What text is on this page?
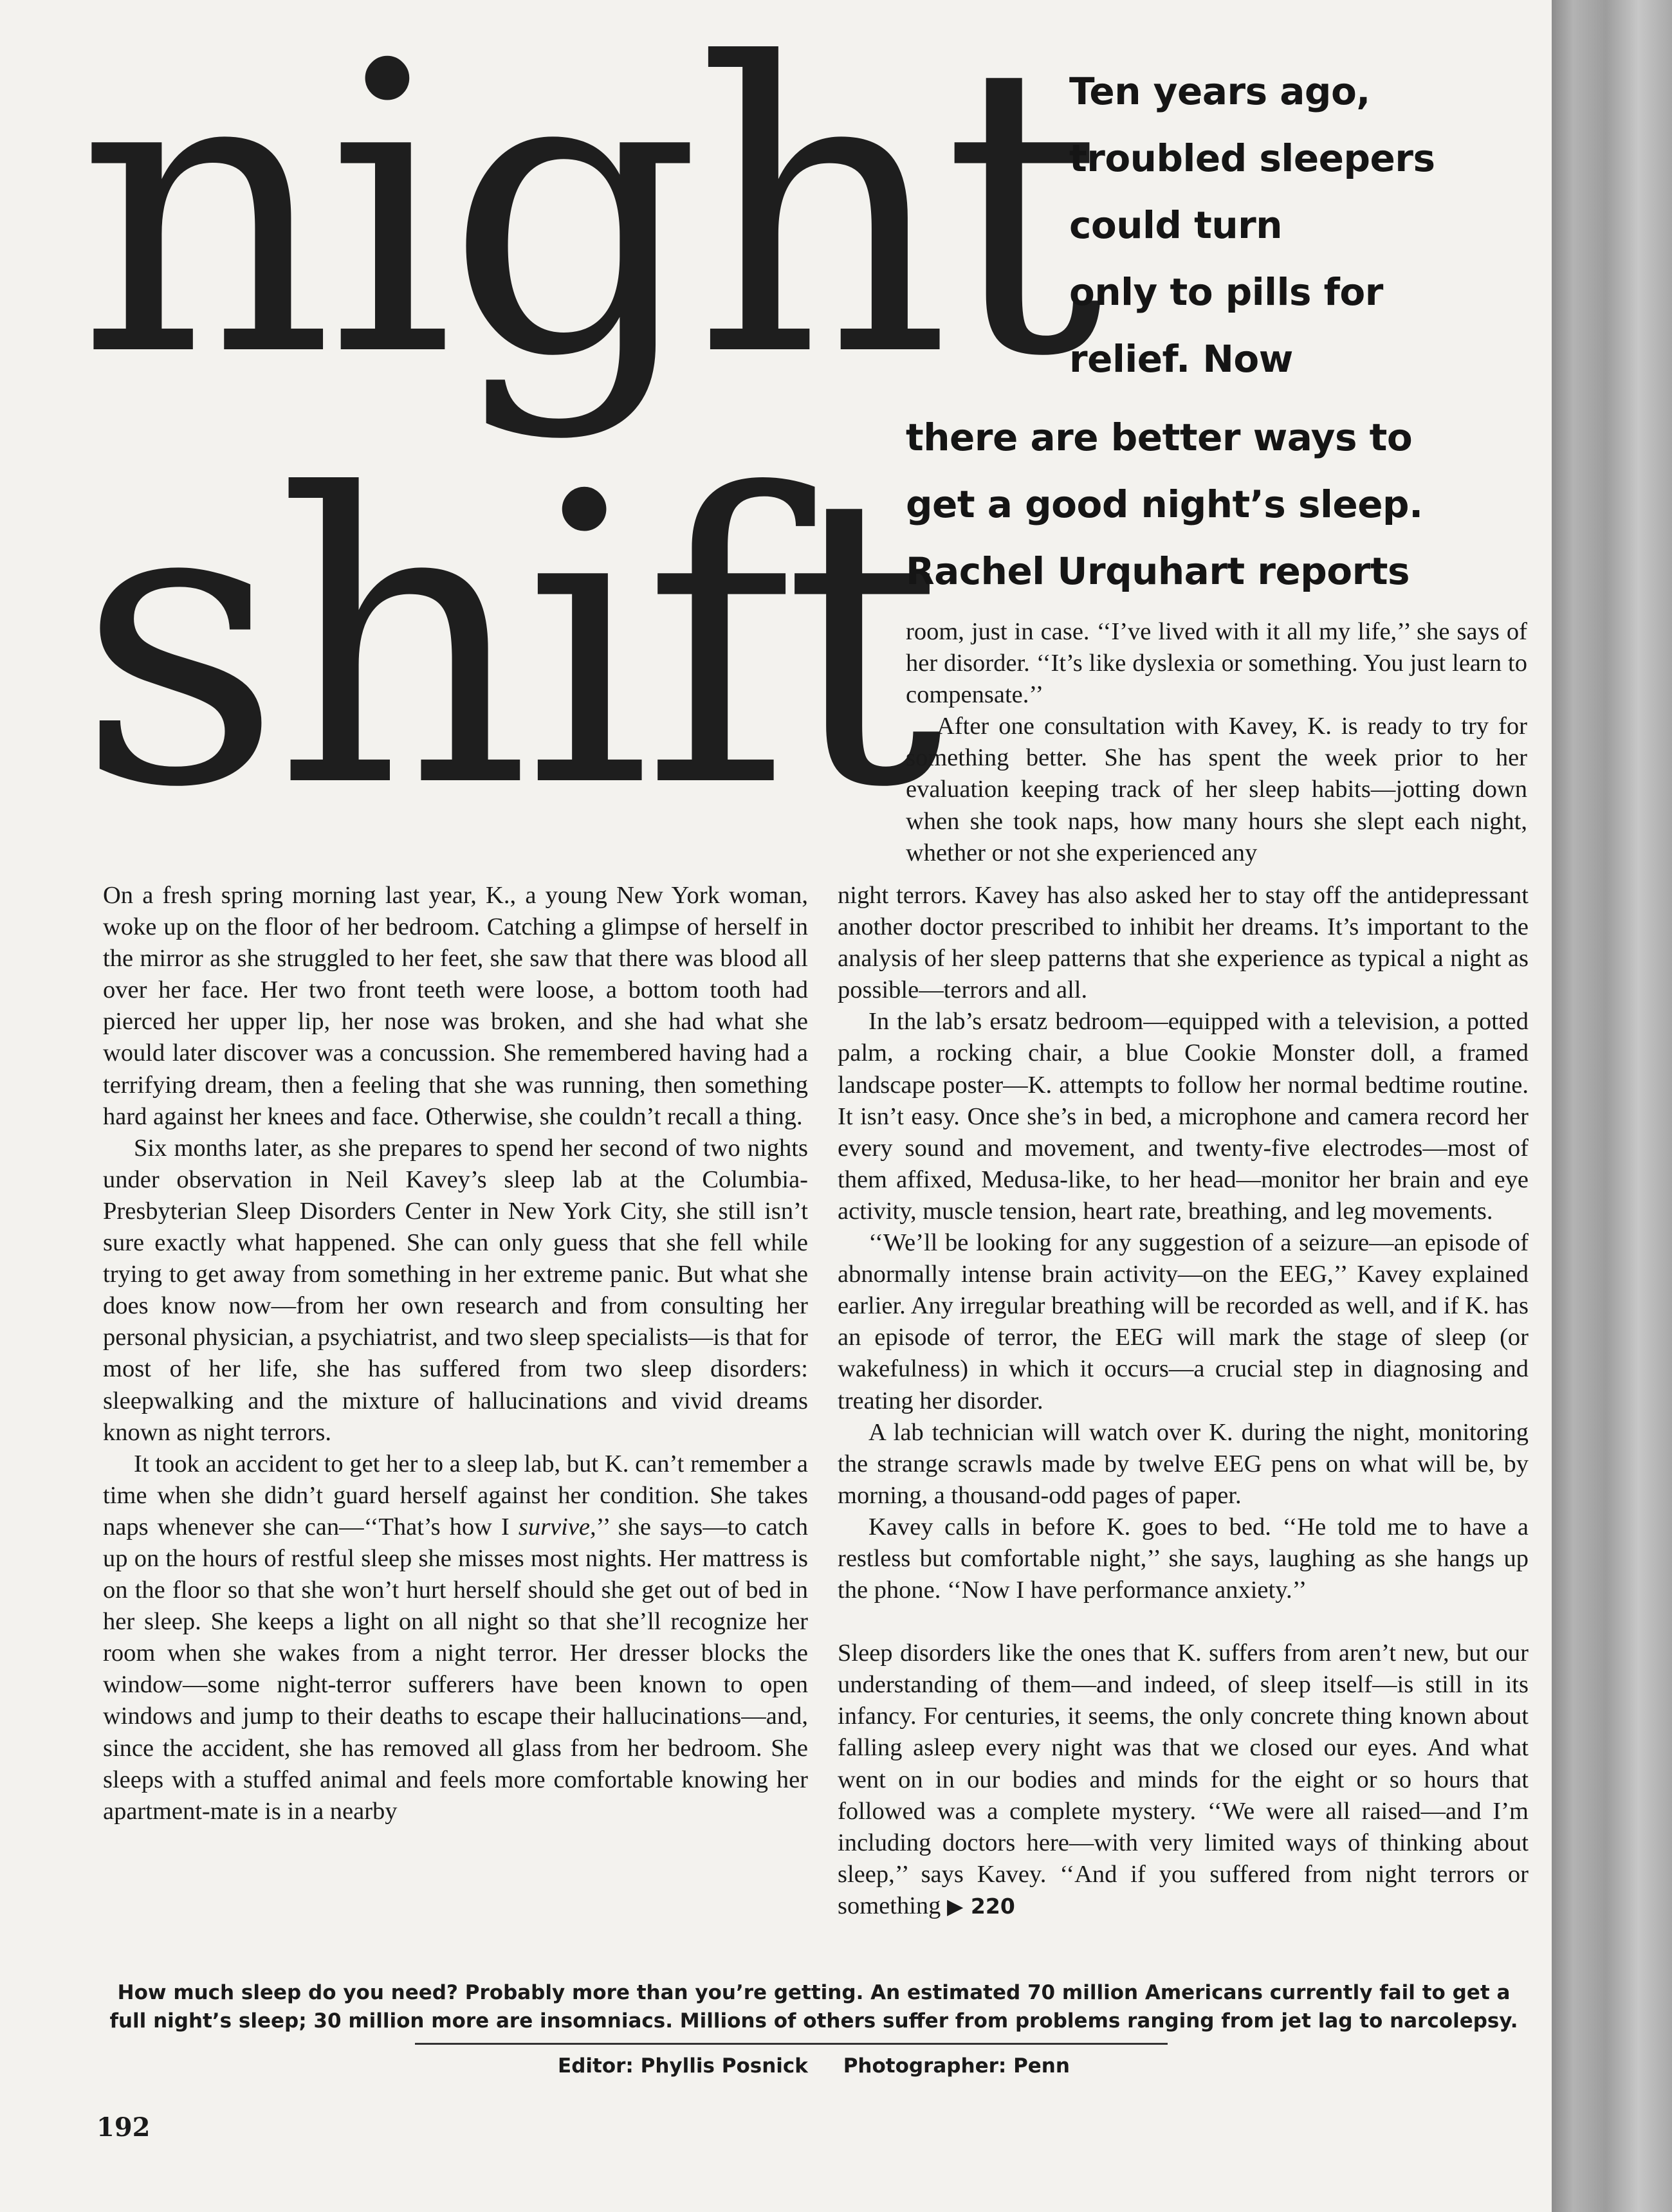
night
shift
Ten years ago,
troubled sleepers
could turn
only to pills for
relief. Now
there are better ways to
get a good night’s sleep.
Rachel Urquhart reports

room, just in case. ‘‘I’ve lived with it all my life,’’ she says of her disorder. ‘‘It’s like dyslexia or something. You just learn to compensate.’’

After one consultation with Kavey, K. is ready to try for something better. She has spent the week prior to her evaluation keeping track of her sleep habits—jotting down when she took naps, how many hours she slept each night, whether or not she experienced any

On a fresh spring morning last year, K., a young New York woman, woke up on the floor of her bedroom. Catching a glimpse of herself in the mirror as she struggled to her feet, she saw that there was blood all over her face. Her two front teeth were loose, a bottom tooth had pierced her upper lip, her nose was broken, and she had what she would later discover was a concussion. She remembered having had a terrifying dream, then a feeling that she was running, then something hard against her knees and face. Otherwise, she couldn’t recall a thing.

Six months later, as she prepares to spend her second of two nights under observation in Neil Kavey’s sleep lab at the Columbia-Presbyterian Sleep Disorders Center in New York City, she still isn’t sure exactly what happened. She can only guess that she fell while trying to get away from something in her extreme panic. But what she does know now—from her own research and from consulting her personal physician, a psychiatrist, and two sleep specialists—is that for most of her life, she has suffered from two sleep disorders: sleepwalking and the mixture of hallucinations and vivid dreams known as night terrors.

It took an accident to get her to a sleep lab, but K. can’t remember a time when she didn’t guard herself against her condition. She takes naps whenever she can—‘‘That’s how I survive,’’ she says—to catch up on the hours of restful sleep she misses most nights. Her mattress is on the floor so that she won’t hurt herself should she get out of bed in her sleep. She keeps a light on all night so that she’ll recognize her room when she wakes from a night terror. Her dresser blocks the window—some night-terror sufferers have been known to open windows and jump to their deaths to escape their hallucinations—and, since the accident, she has removed all glass from her bedroom. She sleeps with a stuffed animal and feels more comfortable knowing her apartment-mate is in a nearby

night terrors. Kavey has also asked her to stay off the antidepressant another doctor prescribed to inhibit her dreams. It’s important to the analysis of her sleep patterns that she experience as typical a night as possible—terrors and all.

In the lab’s ersatz bedroom—equipped with a television, a potted palm, a rocking chair, a blue Cookie Monster doll, a framed landscape poster—K. attempts to follow her normal bedtime routine. It isn’t easy. Once she’s in bed, a microphone and camera record her every sound and movement, and twenty-five electrodes—most of them affixed, Medusa-like, to her head—monitor her brain and eye activity, muscle tension, heart rate, breathing, and leg movements.

‘‘We’ll be looking for any suggestion of a seizure—an episode of abnormally intense brain activity—on the EEG,’’ Kavey explained earlier. Any irregular breathing will be recorded as well, and if K. has an episode of terror, the EEG will mark the stage of sleep (or wakefulness) in which it occurs—a crucial step in diagnosing and treating her disorder.

A lab technician will watch over K. during the night, monitoring the strange scrawls made by twelve EEG pens on what will be, by morning, a thousand-odd pages of paper.

Kavey calls in before K. goes to bed. ‘‘He told me to have a restless but comfortable night,’’ she says, laughing as she hangs up the phone. ‘‘Now I have performance anxiety.’’

Sleep disorders like the ones that K. suffers from aren’t new, but our understanding of them—and indeed, of sleep itself—is still in its infancy. For centuries, it seems, the only concrete thing known about falling asleep every night was that we closed our eyes. And what went on in our bodies and minds for the eight or so hours that followed was a complete mystery. ‘‘We were all raised—and I’m including doctors here—with very limited ways of thinking about sleep,’’ says Kavey. ‘‘And if you suffered from night terrors or something ▶ 220

How much sleep do you need? Probably more than you’re getting. An estimated 70 million Americans currently fail to get a full night’s sleep; 30 million more are insomniacs. Millions of others suffer from problems ranging from jet lag to narcolepsy.
Editor: Phyllis Posnick Photographer: Penn
192
